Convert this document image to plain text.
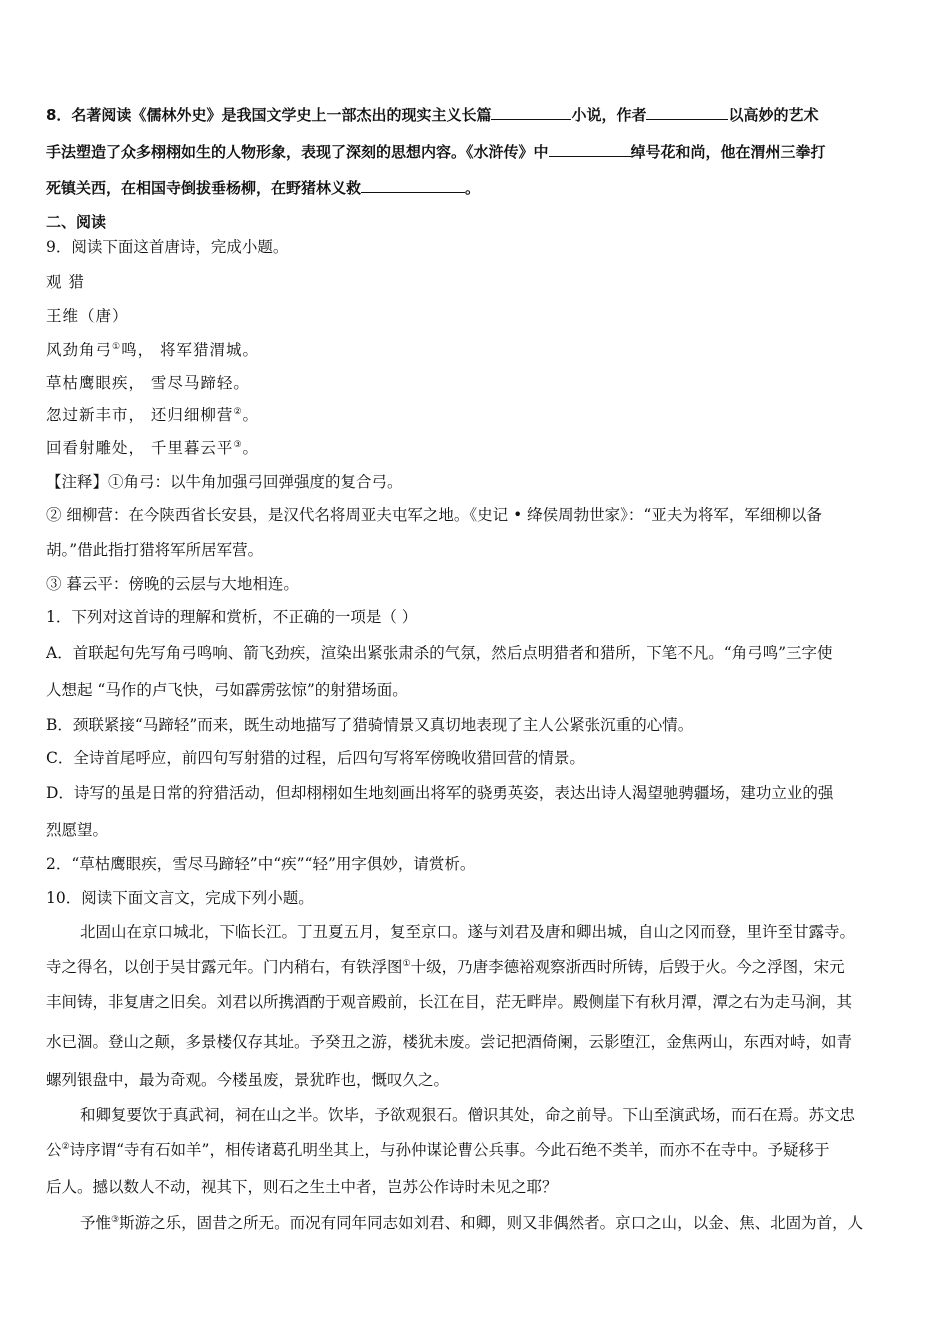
8．名著阅读《儒林外史》是我国文学史上一部杰出的现实主义长篇	小说，作者	以高妙的艺术
手法塑造了众多栩栩如生的人物形象，表现了深刻的思想内容。《水浒传》中	绰号花和尚，他在渭州三拳打
死镇关西，在相国寺倒拔垂杨柳，在野猪林义救	。
二、阅读
9．阅读下面这首唐诗，完成小题。
观 猎
王维（唐）
风劲角弓①鸣， 将军猎渭城。
草枯鹰眼疾， 雪尽马蹄轻。
忽过新丰市， 还归细柳营②。
回看射雕处， 千里暮云平③。
【注释】①角弓：以牛角加强弓回弹强度的复合弓。
② 细柳营：在今陕西省长安县，是汉代名将周亚夫屯军之地。《史记 • 绛侯周勃世家》：“亚夫为将军，军细柳以备
胡。”借此指打猎将军所居军营。
③ 暮云平：傍晚的云层与大地相连。
1．下列对这首诗的理解和赏析，不正确的一项是（ ）
A．首联起句先写角弓鸣响、箭飞劲疾，渲染出紧张肃杀的气氛，然后点明猎者和猎所，下笔不凡。“角弓鸣”三字使
人想起 “马作的卢飞快，弓如霹雳弦惊”的射猎场面。
B．颈联紧接“马蹄轻”而来，既生动地描写了猎骑情景又真切地表现了主人公紧张沉重的心情。
C．全诗首尾呼应，前四句写射猎的过程，后四句写将军傍晚收猎回营的情景。
D．诗写的虽是日常的狩猎活动，但却栩栩如生地刻画出将军的骁勇英姿，表达出诗人渴望驰骋疆场，建功立业的强
烈愿望。
2．“草枯鹰眼疾，雪尽马蹄轻”中“疾”“轻”用字俱妙，请赏析。
10．阅读下面文言文，完成下列小题。
北固山在京口城北，下临长江。丁丑夏五月，复至京口。遂与刘君及唐和卿出城，自山之冈而登，里许至甘露寺。
寺之得名，以创于吴甘露元年。门内稍右，有铁浮图①十级，乃唐李德裕观察浙西时所铸，后毁于火。今之浮图，宋元
丰间铸，非复唐之旧矣。刘君以所携酒酌于观音殿前，长江在目，茫无畔岸。殿侧崖下有秋月潭，潭之右为走马涧，其
水已涸。登山之颠，多景楼仅存其址。予癸丑之游，楼犹未废。尝记把酒倚阑，云影堕江，金焦两山，东西对峙，如青
螺列银盘中，最为奇观。今楼虽废，景犹昨也，慨叹久之。
和卿复要饮于真武祠，祠在山之半。饮毕，予欲观狠石。僧识其处，命之前导。下山至演武场，而石在焉。苏文忠
公②诗序谓“寺有石如羊”，相传诸葛孔明坐其上，与孙仲谋论曹公兵事。今此石绝不类羊，而亦不在寺中。予疑移于
后人。撼以数人不动，视其下，则石之生土中者，岂苏公作诗时未见之耶？
予惟③斯游之乐，固昔之所无。而况有同年同志如刘君、和卿，则又非偶然者。京口之山，以金、焦、北固为首，人
